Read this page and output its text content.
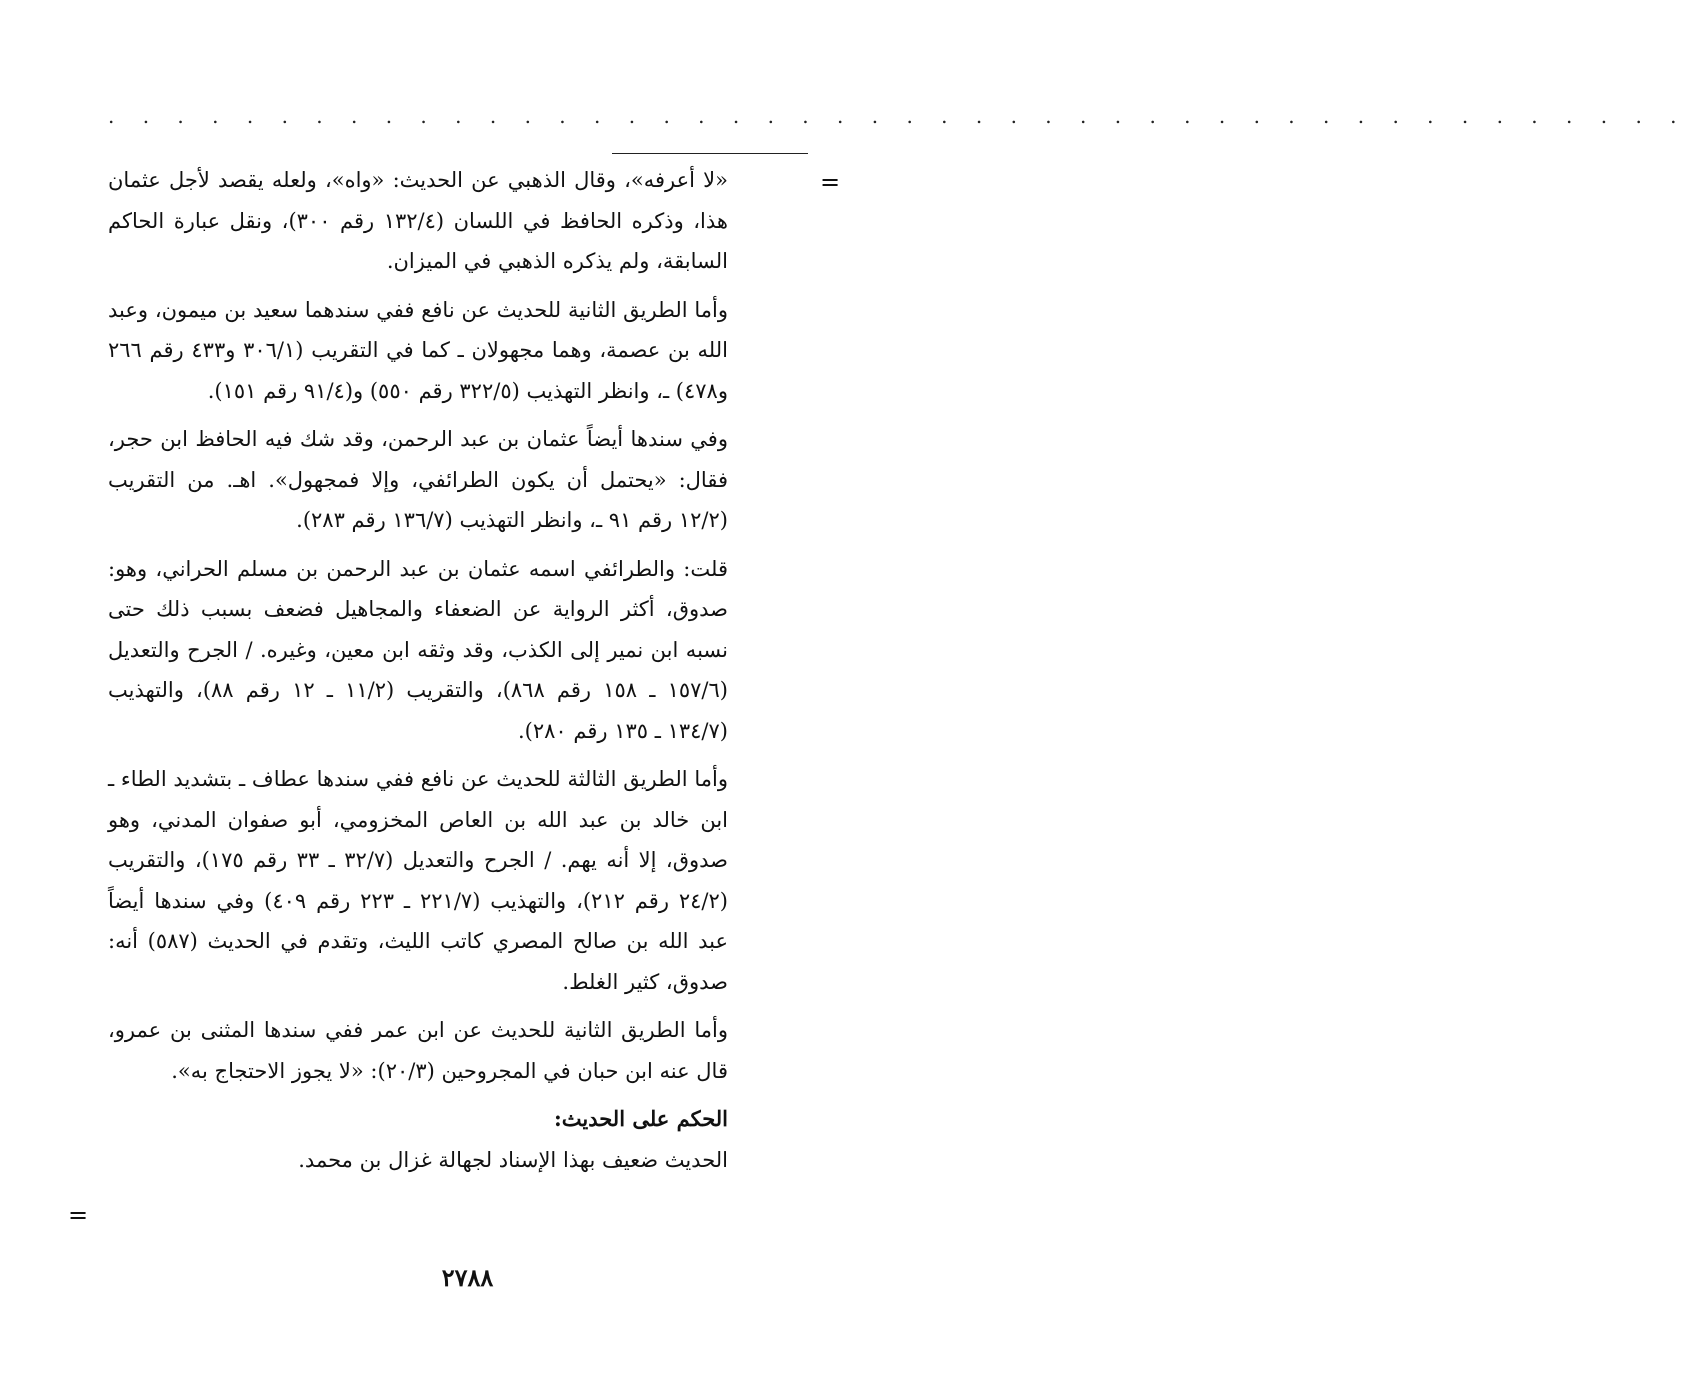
. . . . . . . . . . . . . . . . . . . . . . . . . . . . . . . . . . . . . . . . . . . . . .
=
=

«لا أعرفه»، وقال الذهبي عن الحديث: «واه»، ولعله يقصد لأجل عثمان هذا، وذكره الحافظ في اللسان (١٣٢/٤ رقم ٣٠٠)، ونقل عبارة الحاكم السابقة، ولم يذكره الذهبي في الميزان.

وأما الطريق الثانية للحديث عن نافع ففي سندهما سعيد بن ميمون، وعبد الله بن عصمة، وهما مجهولان ـ كما في التقريب (٣٠٦/١ و٤٣٣ رقم ٢٦٦ و٤٧٨) ـ، وانظر التهذيب (٣٢٢/٥ رقم ٥٥٠) و(٩١/٤ رقم ١٥١).

وفي سندها أيضاً عثمان بن عبد الرحمن، وقد شك فيه الحافظ ابن حجر، فقال: «يحتمل أن يكون الطرائفي، وإلا فمجهول». اهـ. من التقريب (١٢/٢ رقم ٩١ ـ، وانظر التهذيب (١٣٦/٧ رقم ٢٨٣).

قلت: والطرائفي اسمه عثمان بن عبد الرحمن بن مسلم الحراني، وهو: صدوق، أكثر الرواية عن الضعفاء والمجاهيل فضعف بسبب ذلك حتى نسبه ابن نمير إلى الكذب، وقد وثقه ابن معين، وغيره. / الجرح والتعديل (١٥٧/٦ ـ ١٥٨ رقم ٨٦٨)، والتقريب (١١/٢ ـ ١٢ رقم ٨٨)، والتهذيب (١٣٤/٧ ـ ١٣٥ رقم ٢٨٠).

وأما الطريق الثالثة للحديث عن نافع ففي سندها عطاف ـ بتشديد الطاء ـ ابن خالد بن عبد الله بن العاص المخزومي، أبو صفوان المدني، وهو صدوق، إلا أنه يهم. / الجرح والتعديل (٣٢/٧ ـ ٣٣ رقم ١٧٥)، والتقريب (٢٤/٢ رقم ٢١٢)، والتهذيب (٢٢١/٧ ـ ٢٢٣ رقم ٤٠٩) وفي سندها أيضاً عبد الله بن صالح المصري كاتب الليث، وتقدم في الحديث (٥٨٧) أنه: صدوق، كثير الغلط.

وأما الطريق الثانية للحديث عن ابن عمر ففي سندها المثنى بن عمرو، قال عنه ابن حبان في المجروحين (٢٠/٣): «لا يجوز الاحتجاج به».

الحكم على الحديث:

الحديث ضعيف بهذا الإسناد لجهالة غزال بن محمد.

٢٧٨٨
